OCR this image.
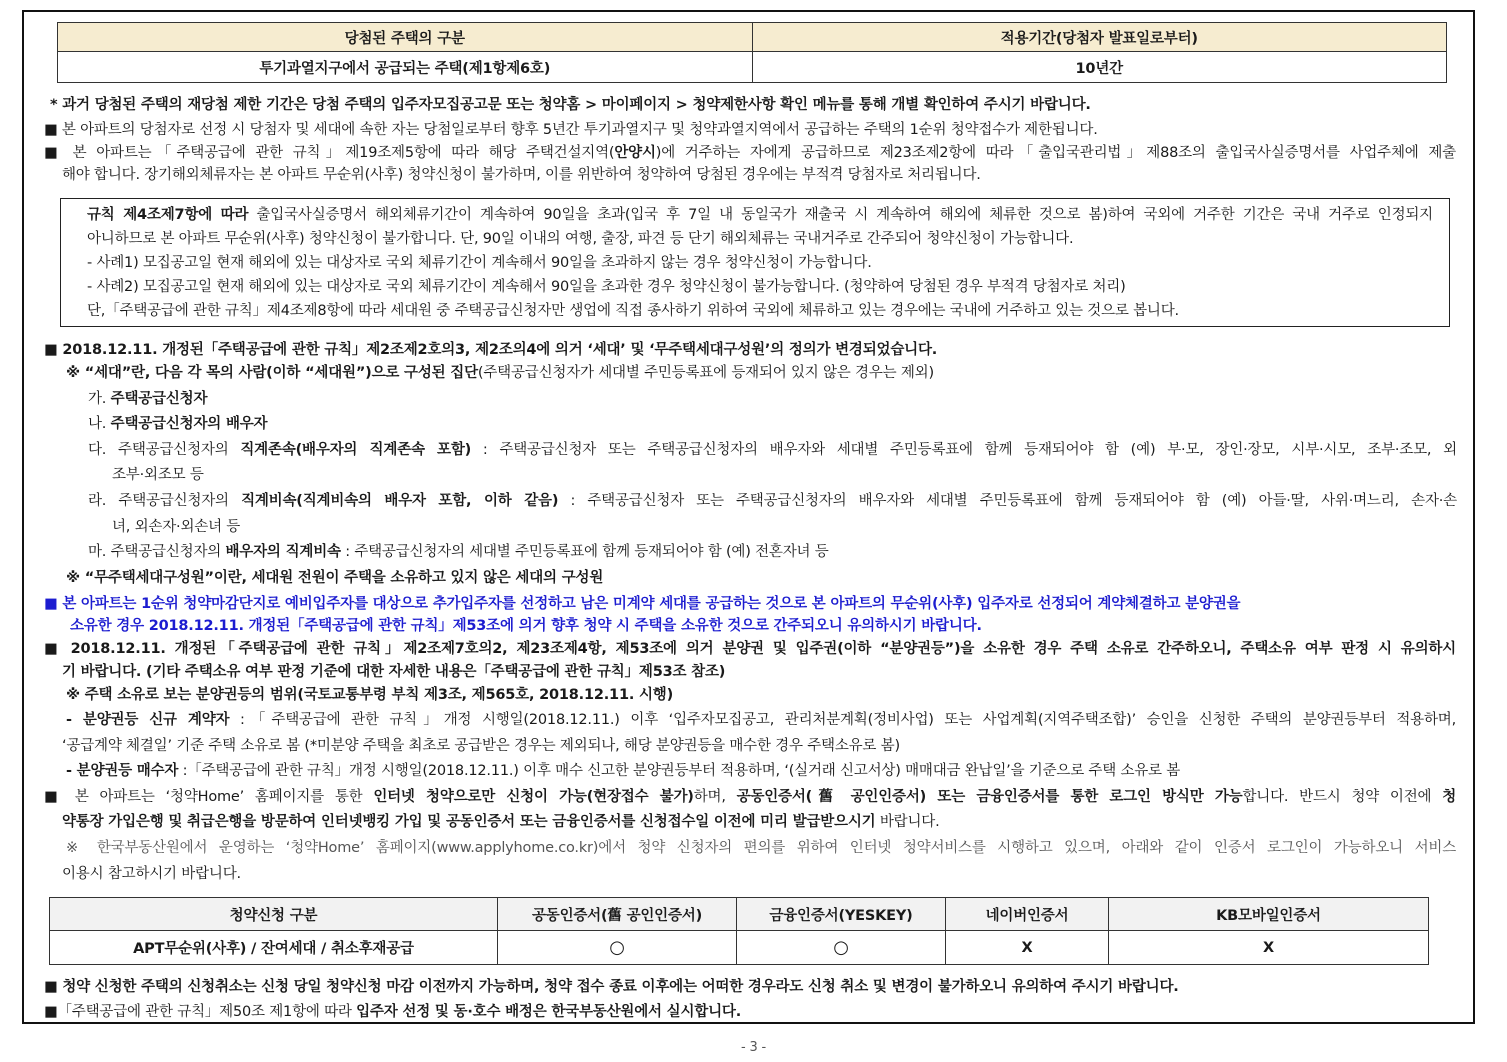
당첨된 주택의 구분	적용기간(당첨자 발표일로부터)
투기과열지구에서 공급되는 주택(제1항제6호)	10년간
* 과거 당첨된 주택의 재당첨 제한 기간은 당첨 주택의 입주자모집공고문 또는 청약홈 > 마이페이지 > 청약제한사항 확인 메뉴를 통해 개별 확인하여 주시기 바랍니다.
■ 본 아파트의 당첨자로 선정 시 당첨자 및 세대에 속한 자는 당첨일로부터 향후 5년간 투기과열지구 및 청약과열지역에서 공급하는 주택의 1순위 청약접수가 제한됩니다.
■ 본 아파트는「주택공급에 관한 규칙」제19조제5항에 따라 해당 주택건설지역(안양시)에 거주하는 자에게 공급하므로 제23조제2항에 따라「출입국관리법」제88조의 출입국사실증명서를 사업주체에 제출
해야 합니다. 장기해외체류자는 본 아파트 무순위(사후) 청약신청이 불가하며, 이를 위반하여 청약하여 당첨된 경우에는 부적격 당첨자로 처리됩니다.
규칙 제4조제7항에 따라 출입국사실증명서 해외체류기간이 계속하여 90일을 초과(입국 후 7일 내 동일국가 재출국 시 계속하여 해외에 체류한 것으로 봄)하여 국외에 거주한 기간은 국내 거주로 인정되지
아니하므로 본 아파트 무순위(사후) 청약신청이 불가합니다. 단, 90일 이내의 여행, 출장, 파견 등 단기 해외체류는 국내거주로 간주되어 청약신청이 가능합니다.
- 사례1) 모집공고일 현재 해외에 있는 대상자로 국외 체류기간이 계속해서 90일을 초과하지 않는 경우 청약신청이 가능합니다.
- 사례2) 모집공고일 현재 해외에 있는 대상자로 국외 체류기간이 계속해서 90일을 초과한 경우 청약신청이 불가능합니다. (청약하여 당첨된 경우 부적격 당첨자로 처리)
단,「주택공급에 관한 규칙」제4조제8항에 따라 세대원 중 주택공급신청자만 생업에 직접 종사하기 위하여 국외에 체류하고 있는 경우에는 국내에 거주하고 있는 것으로 봅니다.
■ 2018.12.11. 개정된「주택공급에 관한 규칙」제2조제2호의3, 제2조의4에 의거 ‘세대’ 및 ‘무주택세대구성원’의 정의가 변경되었습니다.
※ “세대”란, 다음 각 목의 사람(이하 “세대원”)으로 구성된 집단(주택공급신청자가 세대별 주민등록표에 등재되어 있지 않은 경우는 제외)
가. 주택공급신청자
나. 주택공급신청자의 배우자
다. 주택공급신청자의 직계존속(배우자의 직계존속 포함) : 주택공급신청자 또는 주택공급신청자의 배우자와 세대별 주민등록표에 함께 등재되어야 함 (예) 부·모, 장인·장모, 시부·시모, 조부·조모, 외
조부·외조모 등
라. 주택공급신청자의 직계비속(직계비속의 배우자 포함, 이하 같음) : 주택공급신청자 또는 주택공급신청자의 배우자와 세대별 주민등록표에 함께 등재되어야 함 (예) 아들·딸, 사위·며느리, 손자·손
녀, 외손자·외손녀 등
마. 주택공급신청자의 배우자의 직계비속 : 주택공급신청자의 세대별 주민등록표에 함께 등재되어야 함 (예) 전혼자녀 등
※ “무주택세대구성원”이란, 세대원 전원이 주택을 소유하고 있지 않은 세대의 구성원
■ 본 아파트는 1순위 청약마감단지로 예비입주자를 대상으로 추가입주자를 선정하고 남은 미계약 세대를 공급하는 것으로 본 아파트의 무순위(사후) 입주자로 선정되어 계약체결하고 분양권을
소유한 경우 2018.12.11. 개정된「주택공급에 관한 규칙」제53조에 의거 향후 청약 시 주택을 소유한 것으로 간주되오니 유의하시기 바랍니다.
■ 2018.12.11. 개정된「주택공급에 관한 규칙」제2조제7호의2, 제23조제4항, 제53조에 의거 분양권 및 입주권(이하 “분양권등”)을 소유한 경우 주택 소유로 간주하오니, 주택소유 여부 판정 시 유의하시
기 바랍니다. (기타 주택소유 여부 판정 기준에 대한 자세한 내용은「주택공급에 관한 규칙」제53조 참조)
※ 주택 소유로 보는 분양권등의 범위(국토교통부령 부칙 제3조, 제565호, 2018.12.11. 시행)
- 분양권등 신규 계약자 :「주택공급에 관한 규칙」개정 시행일(2018.12.11.) 이후 ‘입주자모집공고, 관리처분계획(정비사업) 또는 사업계획(지역주택조합)’ 승인을 신청한 주택의 분양권등부터 적용하며,
‘공급계약 체결일’ 기준 주택 소유로 봄 (*미분양 주택을 최초로 공급받은 경우는 제외되나, 해당 분양권등을 매수한 경우 주택소유로 봄)
- 분양권등 매수자 :「주택공급에 관한 규칙」개정 시행일(2018.12.11.) 이후 매수 신고한 분양권등부터 적용하며, ‘(실거래 신고서상) 매매대금 완납일’을 기준으로 주택 소유로 봄
■ 본 아파트는 ‘청약Home’ 홈페이지를 통한 인터넷 청약으로만 신청이 가능(현장접수 불가)하며, 공동인증서(舊 공인인증서) 또는 금융인증서를 통한 로그인 방식만 가능합니다. 반드시 청약 이전에 청
약통장 가입은행 및 취급은행을 방문하여 인터넷뱅킹 가입 및 공동인증서 또는 금융인증서를 신청접수일 이전에 미리 발급받으시기 바랍니다.
※ 한국부동산원에서 운영하는 ‘청약Home’ 홈페이지(www.applyhome.co.kr)에서 청약 신청자의 편의를 위하여 인터넷 청약서비스를 시행하고 있으며, 아래와 같이 인증서 로그인이 가능하오니 서비스
이용시 참고하시기 바랍니다.
청약신청 구분	공동인증서(舊 공인인증서)	금융인증서(YESKEY)	네이버인증서	KB모바일인증서
APT무순위(사후) / 잔여세대 / 취소후재공급	○	○	X	X
■ 청약 신청한 주택의 신청취소는 신청 당일 청약신청 마감 이전까지 가능하며, 청약 접수 종료 이후에는 어떠한 경우라도 신청 취소 및 변경이 불가하오니 유의하여 주시기 바랍니다.
■「주택공급에 관한 규칙」제50조 제1항에 따라 입주자 선정 및 동·호수 배정은 한국부동산원에서 실시합니다.
- 3 -
